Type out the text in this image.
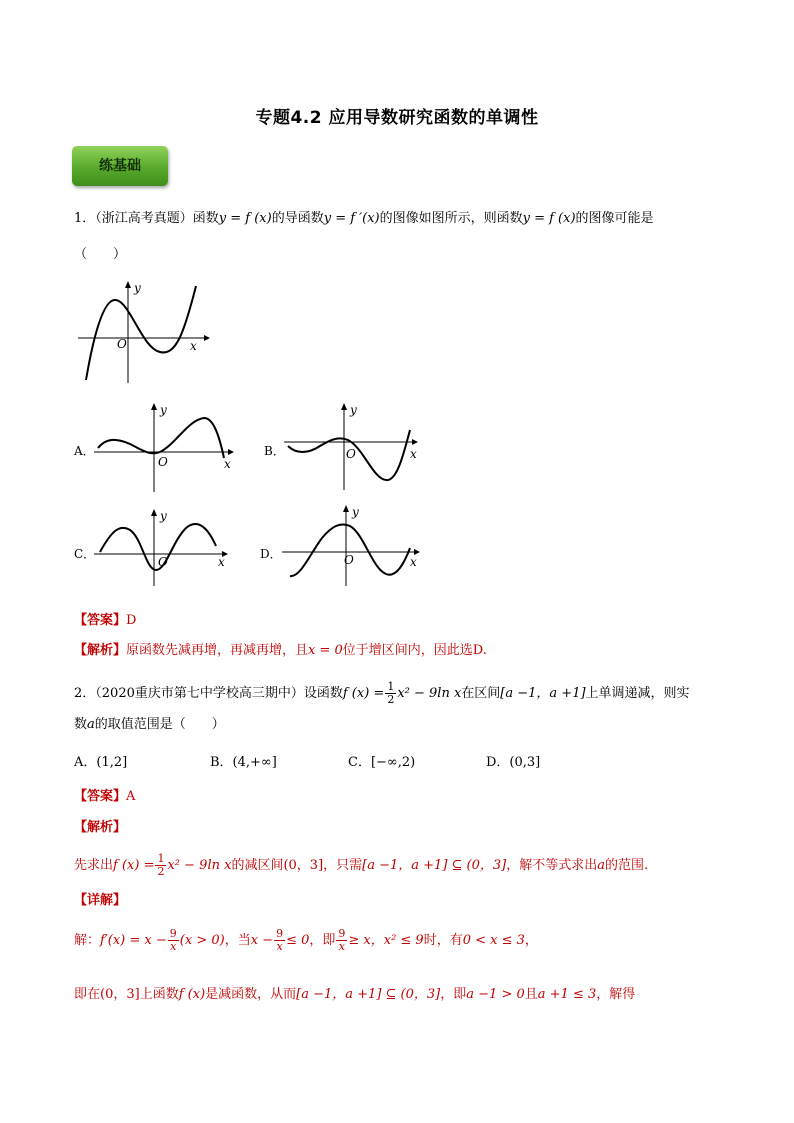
专题4.2 应用导数研究函数的单调性
练基础
1．（浙江高考真题）函数y = f (x)的导函数y = f ′(x)的图像如图所示，则函数y = f (x)的图像可能是
（　　）
y
x
O
A．
y
x
O
B．
y
x
O
C．
y
x
O
D．
y
x
O
【答案】D
【解析】原函数先减再增，再减再增，且x = 0位于增区间内，因此选D.
2．（2020重庆市第七中学校高三期中）设函数f $(x) = \frac{1}{2} x^2 - 9\ln$ x在区间[a −1，a +1]上单调递减，则实
数a的取值范围是（　　）
A．(1,2]	B．(4,+∞]	C．[−∞,2)	D．(0,3]
【答案】A
【解析】
先求出f $(x) = \frac{1}{2} x^2 - 9\ln$ x的减区间(0，3]，只需[a −1，a +1] ⊆ (0，3]，解不等式求出a的范围.
【详解】
解：$f'(x) = x - \frac{9}{x} (x > 0)$，当$x - \frac{9}{x} \le 0$，即 $\frac{9}{x} \ge x$，x² ≤ 9时，有0 < x ≤ 3，
即在(0，3]上函数f (x)是减函数，从而[a −1，a +1] ⊆ (0，3]，即a −1 > 0且a +1 ≤ 3，解得
